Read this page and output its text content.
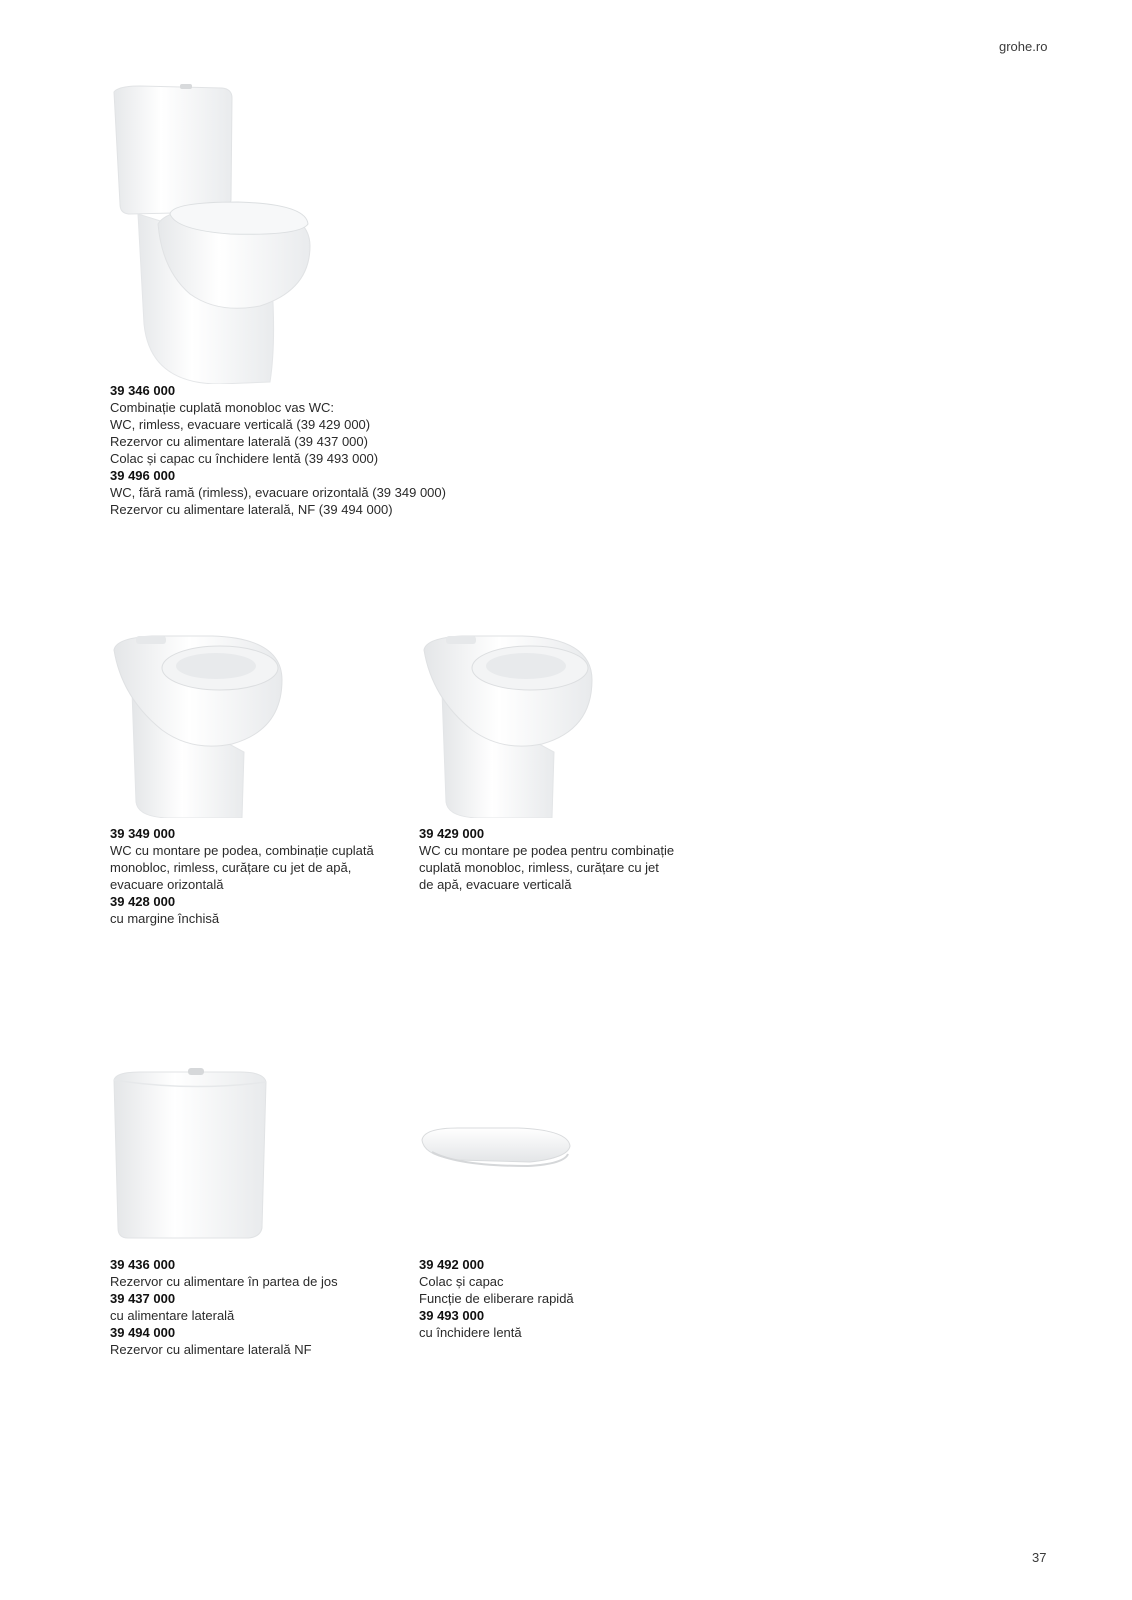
grohe.ro
39 346 000
Combinație cuplată monobloc vas WC:
WC, rimless, evacuare verticală (39 429 000)
Rezervor cu alimentare laterală (39 437 000)
Colac și capac cu închidere lentă (39 493 000)
39 496 000
WC, fără ramă (rimless), evacuare orizontală (39 349 000)
Rezervor cu alimentare laterală, NF (39 494 000)
39 349 000
WC cu montare pe podea, combinație cuplată
monobloc, rimless, curățare cu jet de apă,
evacuare orizontală
39 428 000
cu margine închisă
39 429 000
WC cu montare pe podea pentru combinație
cuplată monobloc, rimless, curățare cu jet
de apă, evacuare verticală
39 436 000
Rezervor cu alimentare în partea de jos
39 437 000
cu alimentare laterală
39 494 000
Rezervor cu alimentare laterală NF
39 492 000
Colac și capac
Funcție de eliberare rapidă
39 493 000
cu închidere lentă
37
